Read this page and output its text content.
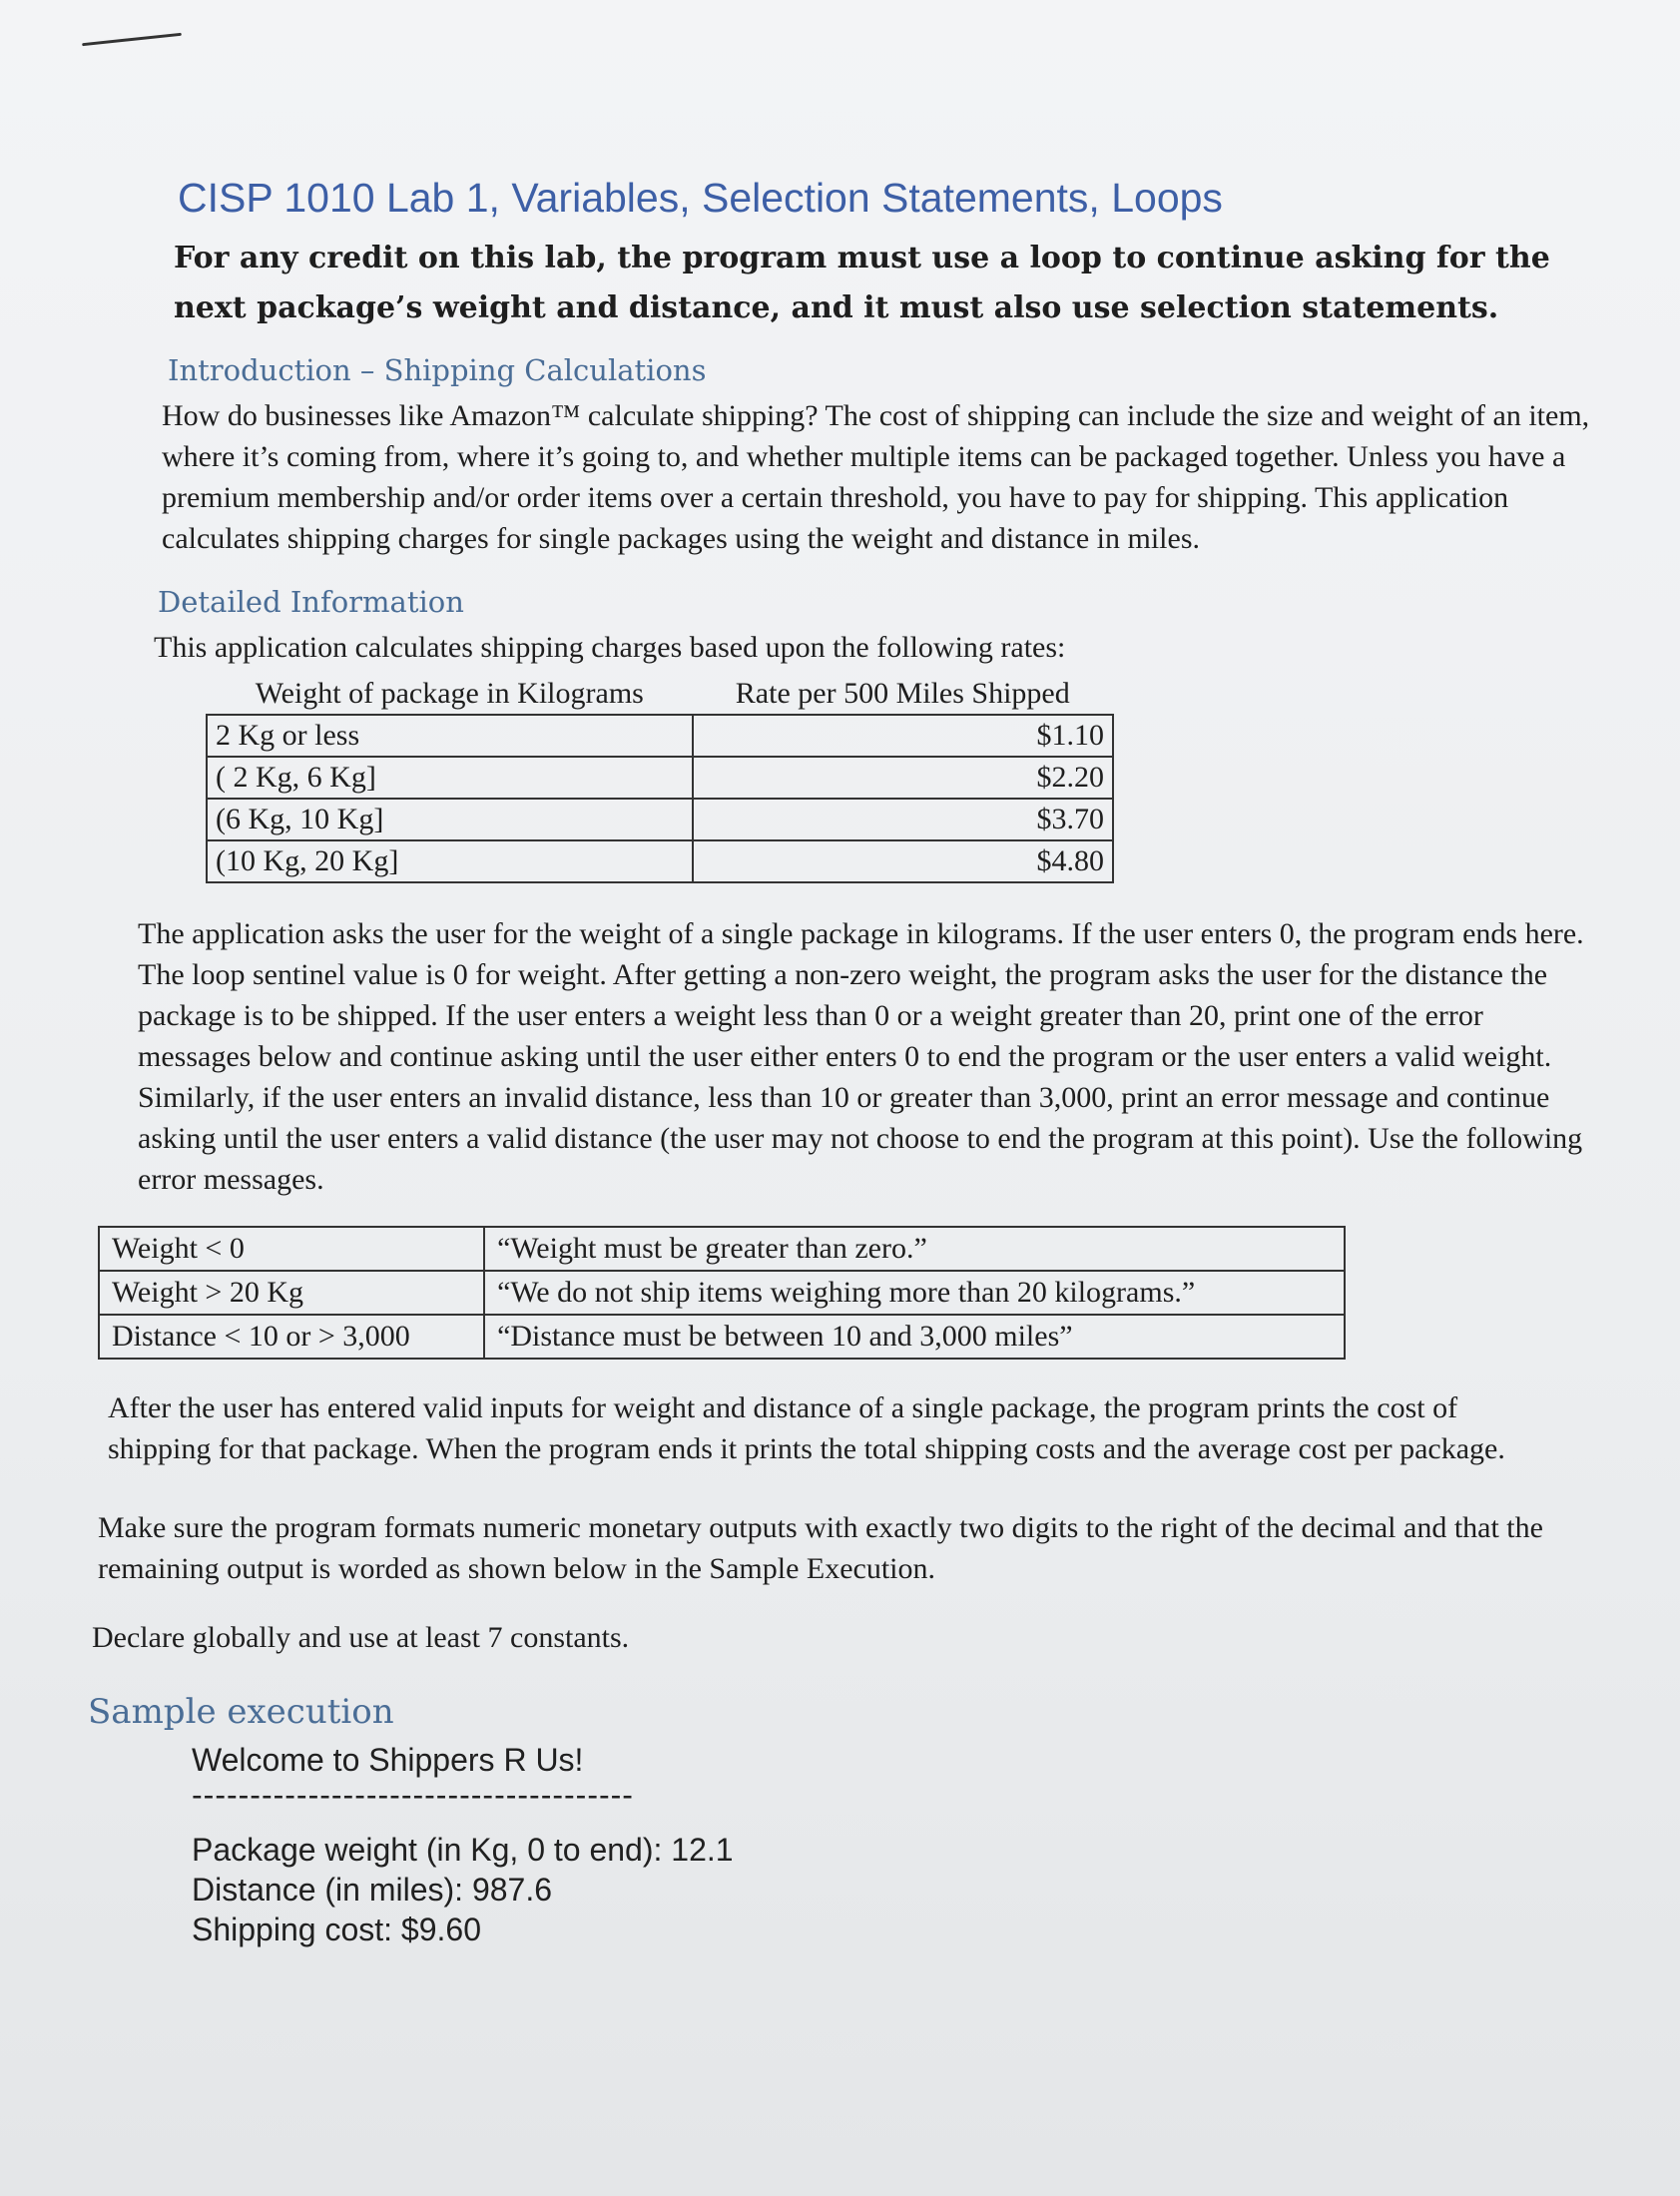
CISP 1010 Lab 1, Variables, Selection Statements, Loops
For any credit on this lab, the program must use a loop to continue asking for the next package’s weight and distance, and it must also use selection statements.
Introduction – Shipping Calculations

How do businesses like Amazon™ calculate shipping? The cost of shipping can include the size and weight of an item, where it’s coming from, where it’s going to, and whether multiple items can be packaged together. Unless you have a premium membership and/or order items over a certain threshold, you have to pay for shipping. This application calculates shipping charges for single packages using the weight and distance in miles.

Detailed Information

This application calculates shipping charges based upon the following rates:

Weight of package in Kilograms	Rate per 500 Miles Shipped
2 Kg or less	$1.10
( 2 Kg, 6 Kg]	$2.20
(6 Kg, 10 Kg]	$3.70
(10 Kg, 20 Kg]	$4.80

The application asks the user for the weight of a single package in kilograms. If the user enters 0, the program ends here. The loop sentinel value is 0 for weight. After getting a non-zero weight, the program asks the user for the distance the package is to be shipped. If the user enters a weight less than 0 or a weight greater than 20, print one of the error messages below and continue asking until the user either enters 0 to end the program or the user enters a valid weight. Similarly, if the user enters an invalid distance, less than 10 or greater than 3,000, print an error message and continue asking until the user enters a valid distance (the user may not choose to end the program at this point). Use the following error messages.

Weight < 0	“Weight must be greater than zero.”
Weight > 20 Kg	“We do not ship items weighing more than 20 kilograms.”
Distance < 10 or > 3,000	“Distance must be between 10 and 3,000 miles”

After the user has entered valid inputs for weight and distance of a single package, the program prints the cost of shipping for that package. When the program ends it prints the total shipping costs and the average cost per package.

Make sure the program formats numeric monetary outputs with exactly two digits to the right of the decimal and that the remaining output is worded as shown below in the Sample Execution.

Declare globally and use at least 7 constants.

Sample execution
Welcome to Shippers R Us!
--------------------------------------
Package weight (in Kg, 0 to end): 12.1
Distance (in miles): 987.6
Shipping cost: $9.60
